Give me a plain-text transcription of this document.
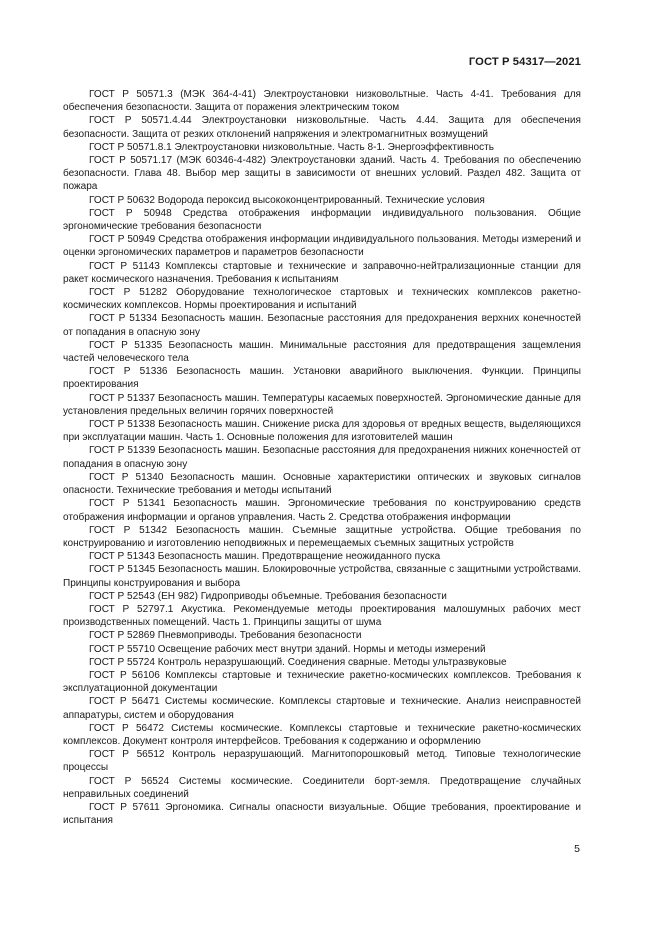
ГОСТ Р 54317—2021

ГОСТ Р 50571.3 (МЭК 364-4-41) Электроустановки низковольтные. Часть 4-41. Требования для обеспечения безопасности. Защита от поражения электрическим током

ГОСТ Р 50571.4.44 Электроустановки низковольтные. Часть 4.44. Защита для обеспечения безопасности. Защита от резких отклонений напряжения и электромагнитных возмущений

ГОСТ Р 50571.8.1 Электроустановки низковольтные. Часть 8-1. Энергоэффективность

ГОСТ Р 50571.17 (МЭК 60346-4-482) Электроустановки зданий. Часть 4. Требования по обеспечению безопасности. Глава 48. Выбор мер защиты в зависимости от внешних условий. Раздел 482. Защита от пожара

ГОСТ Р 50632 Водорода пероксид высококонцентрированный. Технические условия

ГОСТ Р 50948 Средства отображения информации индивидуального пользования. Общие эргономические требования безопасности

ГОСТ Р 50949 Средства отображения информации индивидуального пользования. Методы измерений и оценки эргономических параметров и параметров безопасности

ГОСТ Р 51143 Комплексы стартовые и технические и заправочно-нейтрализационные станции для ракет космического назначения. Требования к испытаниям

ГОСТ Р 51282 Оборудование технологическое стартовых и технических комплексов ракетно-космических комплексов. Нормы проектирования и испытаний

ГОСТ Р 51334 Безопасность машин. Безопасные расстояния для предохранения верхних конечностей от попадания в опасную зону

ГОСТ Р 51335 Безопасность машин. Минимальные расстояния для предотвращения защемления частей человеческого тела

ГОСТ Р 51336 Безопасность машин. Установки аварийного выключения. Функции. Принципы проектирования

ГОСТ Р 51337 Безопасность машин. Температуры касаемых поверхностей. Эргономические данные для установления предельных величин горячих поверхностей

ГОСТ Р 51338 Безопасность машин. Снижение риска для здоровья от вредных веществ, выделяющихся при эксплуатации машин. Часть 1. Основные положения для изготовителей машин

ГОСТ Р 51339 Безопасность машин. Безопасные расстояния для предохранения нижних конечностей от попадания в опасную зону

ГОСТ Р 51340 Безопасность машин. Основные характеристики оптических и звуковых сигналов опасности. Технические требования и методы испытаний

ГОСТ Р 51341 Безопасность машин. Эргономические требования по конструированию средств отображения информации и органов управления. Часть 2. Средства отображения информации

ГОСТ Р 51342 Безопасность машин. Съемные защитные устройства. Общие требования по конструированию и изготовлению неподвижных и перемещаемых съемных защитных устройств

ГОСТ Р 51343 Безопасность машин. Предотвращение неожиданного пуска

ГОСТ Р 51345 Безопасность машин. Блокировочные устройства, связанные с защитными устройствами. Принципы конструирования и выбора

ГОСТ Р 52543 (ЕН 982) Гидроприводы объемные. Требования безопасности

ГОСТ Р 52797.1 Акустика. Рекомендуемые методы проектирования малошумных рабочих мест производственных помещений. Часть 1. Принципы защиты от шума

ГОСТ Р 52869 Пневмоприводы. Требования безопасности

ГОСТ Р 55710 Освещение рабочих мест внутри зданий. Нормы и методы измерений

ГОСТ Р 55724 Контроль неразрушающий. Соединения сварные. Методы ультразвуковые

ГОСТ Р 56106 Комплексы стартовые и технические ракетно-космических комплексов. Требования к эксплуатационной документации

ГОСТ Р 56471 Системы космические. Комплексы стартовые и технические. Анализ неисправностей аппаратуры, систем и оборудования

ГОСТ Р 56472 Системы космические. Комплексы стартовые и технические ракетно-космических комплексов. Документ контроля интерфейсов. Требования к содержанию и оформлению

ГОСТ Р 56512 Контроль неразрушающий. Магнитопорошковый метод. Типовые технологические процессы

ГОСТ Р 56524 Системы космические. Соединители борт-земля. Предотвращение случайных неправильных соединений

ГОСТ Р 57611 Эргономика. Сигналы опасности визуальные. Общие требования, проектирование и испытания

5
